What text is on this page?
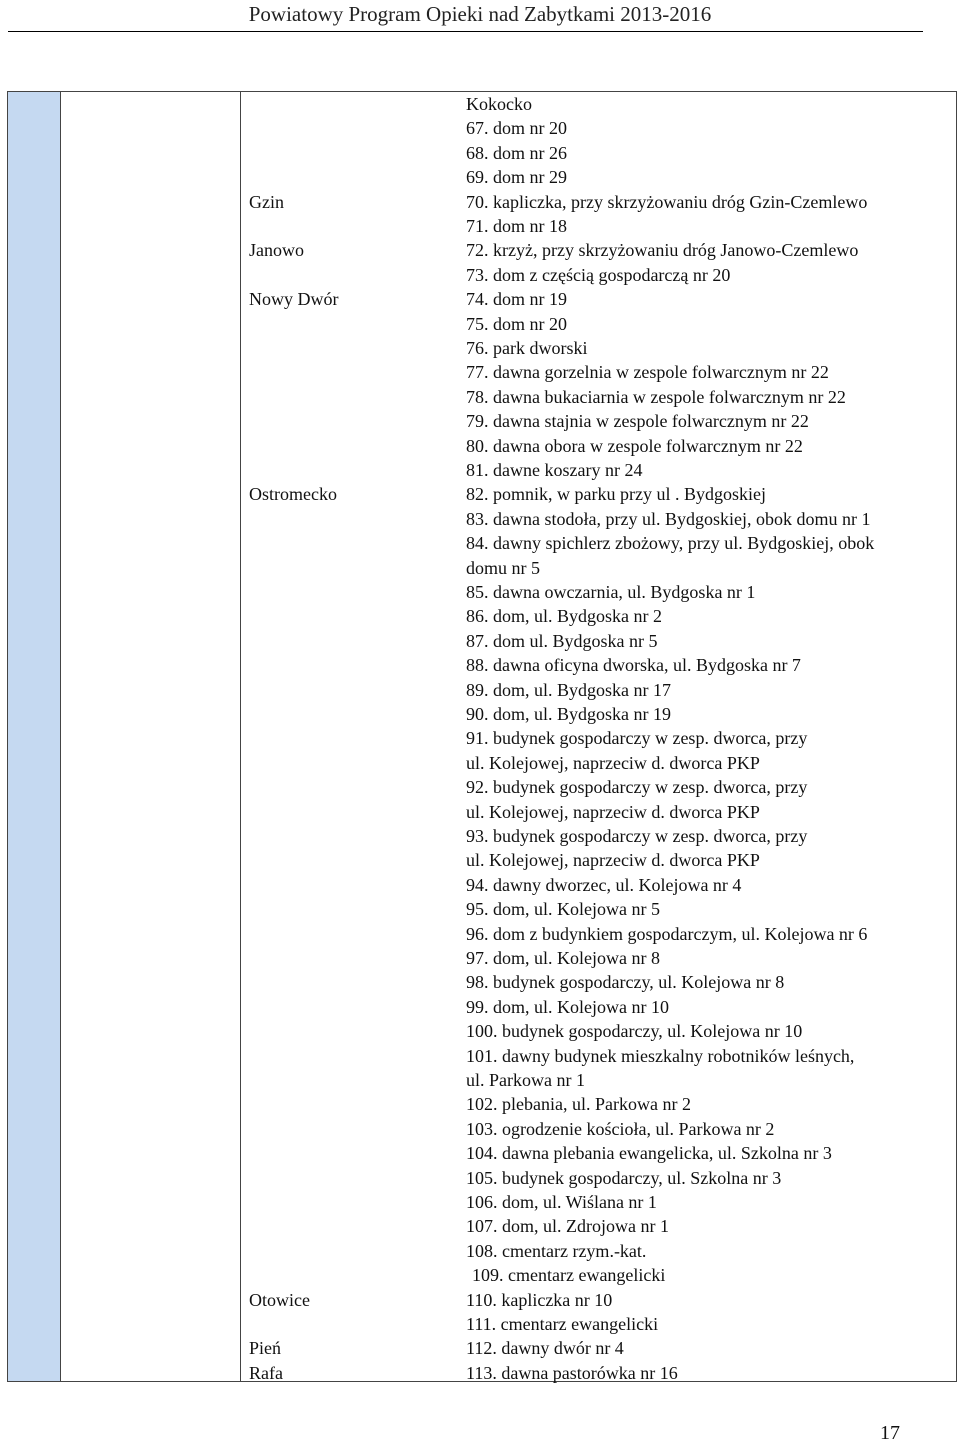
Powiatowy Program Opieki nad Zabytkami 2013-2016
Kokocko
67. dom nr 20
68. dom nr 26
69. dom nr 29
Gzin	70. kapliczka, przy skrzyżowaniu dróg Gzin-Czemlewo
71. dom nr 18
Janowo	72. krzyż, przy skrzyżowaniu dróg Janowo-Czemlewo
73. dom z częścią gospodarczą nr 20
Nowy Dwór	74. dom nr 19
75. dom nr 20
76. park dworski
77. dawna gorzelnia w zespole folwarcznym nr 22
78. dawna bukaciarnia w zespole folwarcznym nr 22
79. dawna stajnia w zespole folwarcznym nr 22
80. dawna obora w zespole folwarcznym nr 22
81. dawne koszary nr 24
Ostromecko	82. pomnik, w parku przy ul . Bydgoskiej
83. dawna stodoła, przy ul. Bydgoskiej, obok domu nr 1
84. dawny spichlerz zbożowy, przy ul. Bydgoskiej, obok
domu nr 5
85. dawna owczarnia, ul. Bydgoska nr 1
86. dom, ul. Bydgoska nr 2
87. dom ul. Bydgoska nr 5
88. dawna oficyna dworska, ul. Bydgoska nr 7
89. dom, ul. Bydgoska nr 17
90. dom, ul. Bydgoska nr 19
91. budynek gospodarczy w zesp. dworca, przy
ul. Kolejowej, naprzeciw d. dworca PKP
92. budynek gospodarczy w zesp. dworca, przy
ul. Kolejowej, naprzeciw d. dworca PKP
93. budynek gospodarczy w zesp. dworca, przy
ul. Kolejowej, naprzeciw d. dworca PKP
94. dawny dworzec, ul. Kolejowa nr 4
95. dom, ul. Kolejowa nr 5
96. dom z budynkiem gospodarczym, ul. Kolejowa nr 6
97. dom, ul. Kolejowa nr 8
98. budynek gospodarczy, ul. Kolejowa nr 8
99. dom, ul. Kolejowa nr 10
100. budynek gospodarczy, ul. Kolejowa nr 10
101. dawny budynek mieszkalny robotników leśnych,
ul. Parkowa nr 1
102. plebania, ul. Parkowa nr 2
103. ogrodzenie kościoła, ul. Parkowa nr 2
104. dawna plebania ewangelicka, ul. Szkolna nr 3
105. budynek gospodarczy, ul. Szkolna nr 3
106. dom, ul. Wiślana nr 1
107. dom, ul. Zdrojowa nr 1
108. cmentarz rzym.-kat.
109. cmentarz ewangelicki
Otowice	110. kapliczka nr 10
111. cmentarz ewangelicki
Pień	112. dawny dwór nr 4
Rafa	113. dawna pastorówka nr 16
17
